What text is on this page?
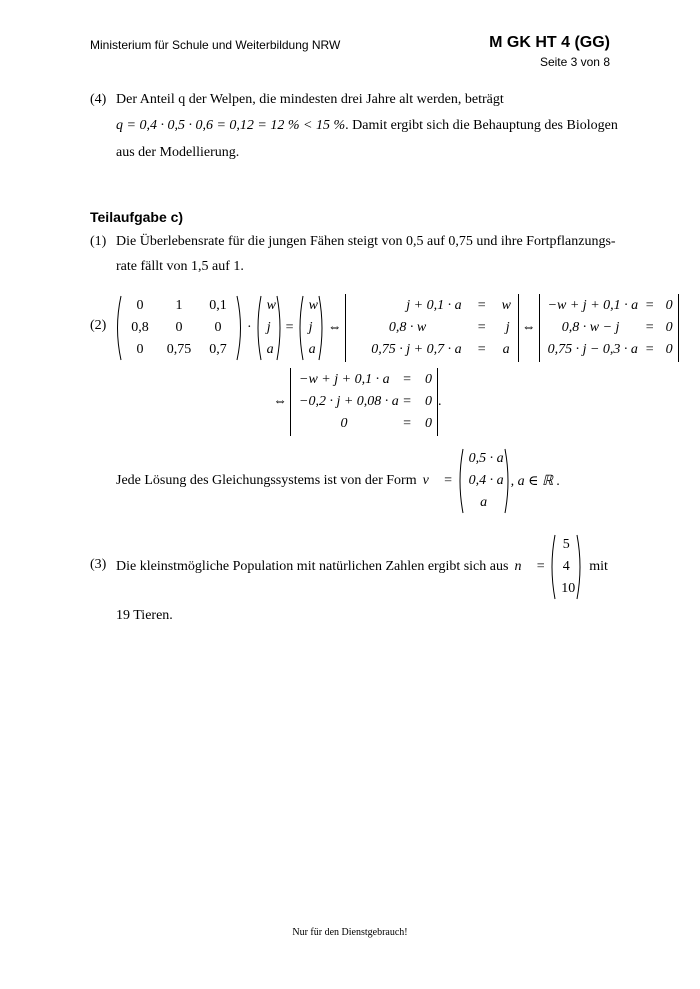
Ministerium für Schule und Weiterbildung NRW	M GK HT 4 (GG)
Seite 3 von 8
(4) Der Anteil q der Welpen, die mindesten drei Jahre alt werden, beträgt
q = 0,4 · 0,5 · 0,6 = 0,12 = 12 % < 15 %. Damit ergibt sich die Behauptung des Biologen
aus der Modellierung.
Teilaufgabe c)
(1) Die Überlebensrate für die jungen Fähen steigt von 0,5 auf 0,75 und ihre Fortpflanzungs-
rate fällt von 1,5 auf 1.
(2)
0	1	0,1
0,8	0	0
0	0,75	0,7
·
w
j
a
=
w
j
a
⇔
j + 0,1 · a	=	w
0,8 · w	=	j
0,75 · j + 0,7 · a	=	a
⇔
−w + j + 0,1 · a = 0
0,8 · w − j	= 0
0,75 · j − 0,3 · a = 0
⇔
−w + j + 0,1 · a = 0
−0,2 · j + 0,08 · a = 0
0	= 0
.
Jede Lösung des Gleichungssystems ist von der Form v⃗ =
0,5 · a
0,4 · a
a
, a ∈ ℝ .
(3) Die kleinstmögliche Population mit natürlichen Zahlen ergibt sich aus n⃗ =
5
4
10
mit
19 Tieren.
Nur für den Dienstgebrauch!
